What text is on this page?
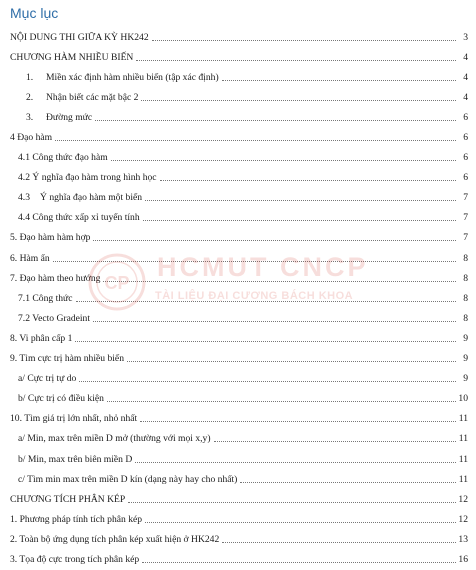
Mục lục
NỘI DUNG THI GIỮA KỲ HK242	3
CHƯƠNG HÀM NHIỀU BIẾN	4
1.	Miền xác định hàm nhiều biến (tập xác định)	4
2.	Nhận biết các mặt bậc 2	4
3.	Đường mức	6
4 Đạo hàm	6
4.1 Công thức đạo hàm	6
4.2 Ý nghĩa đạo hàm trong hình học	6
4.3	Ý nghĩa đạo hàm một biến	7
4.4 Công thức xấp xỉ tuyến tính	7
5. Đạo hàm hàm hợp	7
6. Hàm ẩn	8
7. Đạo hàm theo hướng	8
7.1 Công thức	8
7.2 Vecto Gradeint	8
8. Vi phân cấp 1	9
9. Tìm cực trị hàm nhiều biến	9
a/ Cực trị tự do	9
b/ Cực trị có điều kiện	10
10. Tìm giá trị lớn nhất, nhỏ nhất	11
a/ Min, max trên miền D mở (thường với mọi x,y)	11
b/ Min, max trên biên miền D	11
c/ Tìm min max trên miền D kín (dạng này hay cho nhất)	11
CHƯƠNG TÍCH PHÂN KÉP	12
1. Phương pháp tính tích phân kép	12
2. Toàn bộ ứng dụng tích phân kép xuất hiện ở HK242	13
3. Tọa độ cực trong tích phân kép	16
CP
HCMUT CNCP
TÀI LIỆU ĐẠI CƯƠNG BÁCH KHOA
